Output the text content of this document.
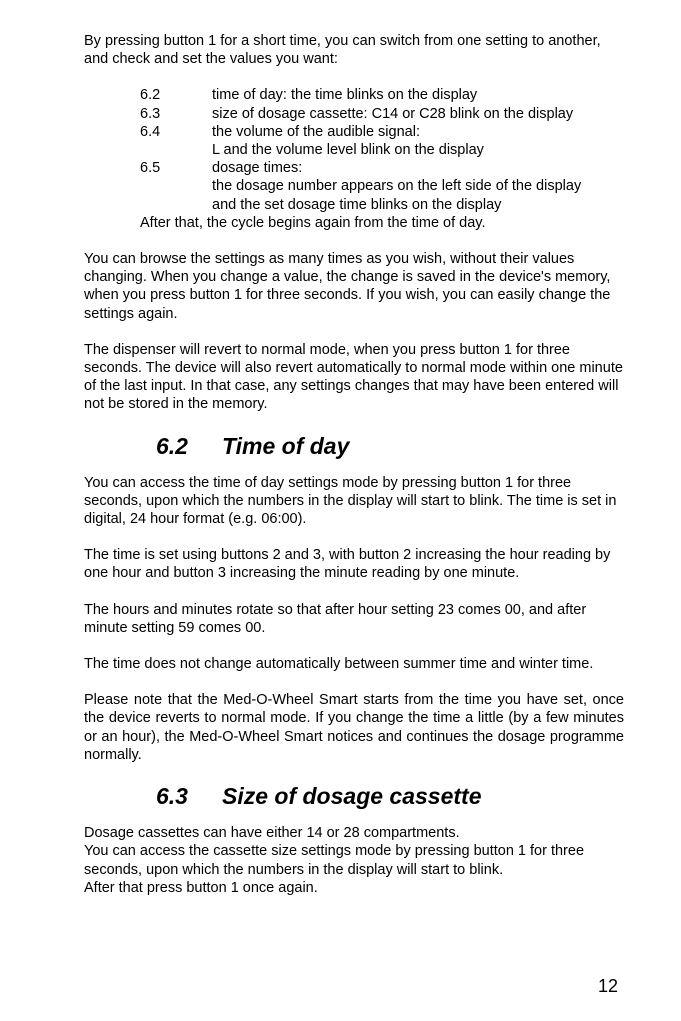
By pressing button 1 for a short time, you can switch from one setting to another, and check and set the values you want:

6.2	time of day: the time blinks on the display
6.3	size of dosage cassette: C14 or C28 blink on the display
6.4	the volume of the audible signal:
L and the volume level blink on the display
6.5	dosage times:
the dosage number appears on the left side of the display
and the set dosage time blinks on the display
After that, the cycle begins again from the time of day.

You can browse the settings as many times as you wish, without their values changing. When you change a value, the change is saved in the device's memory, when you press button 1 for three seconds. If you wish, you can easily change the settings again.

The dispenser will revert to normal mode, when you press button 1 for three seconds. The device will also revert automatically to normal mode within one minute of the last input. In that case, any settings changes that may have been entered will not be stored in the memory.

6.2	Time of day

You can access the time of day settings mode by pressing button 1 for three seconds, upon which the numbers in the display will start to blink. The time is set in digital, 24 hour format (e.g. 06:00).

The time is set using buttons 2 and 3, with button 2 increasing the hour reading by one hour and button 3 increasing the minute reading by one minute.

The hours and minutes rotate so that after hour setting 23 comes 00, and after minute setting 59 comes 00.

The time does not change automatically between summer time and winter time.

Please note that the Med-O-Wheel Smart starts from the time you have set, once the device reverts to normal mode. If you change the time a little (by a few minutes or an hour), the Med-O-Wheel Smart notices and continues the dosage programme normally.

6.3	Size of dosage cassette

Dosage cassettes can have either 14 or 28 compartments.

You can access the cassette size settings mode by pressing button 1 for three seconds, upon which the numbers in the display will start to blink.

After that press button 1 once again.

12
